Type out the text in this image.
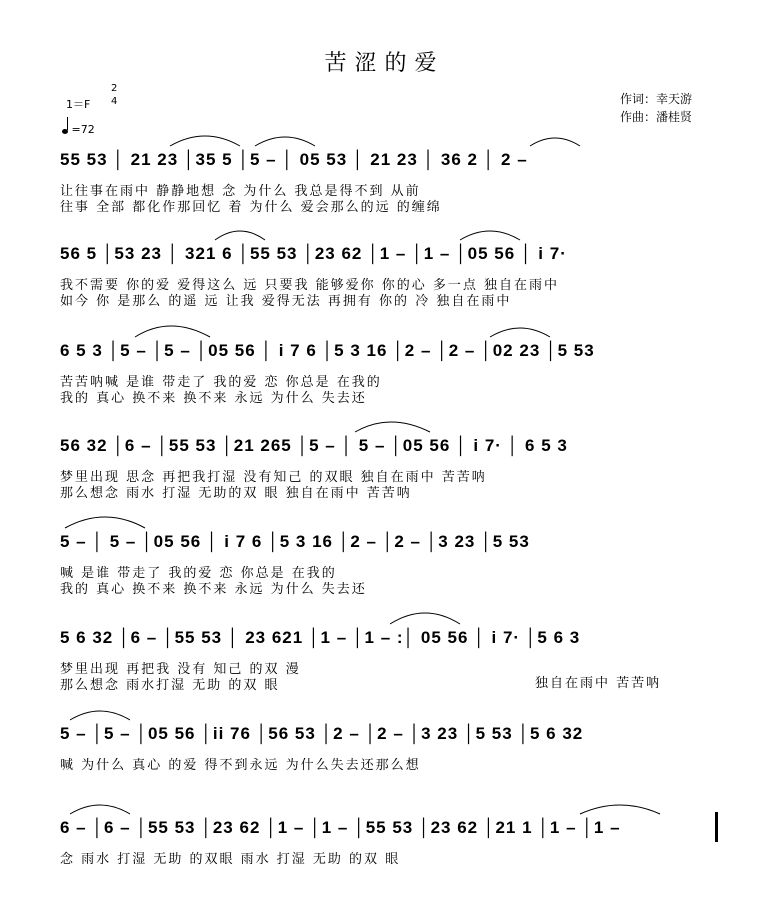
苦涩的爱
作词：幸天游
作曲：潘桂贤
1＝F
2
4
=72
55 53 │ 21 23 │35 5 │5 – │ 05 53 │ 21 23 │ 36 2 │ 2 –
让往事在雨中 静静地想 念 为什么 我总是得不到 从前
往事 全部 都化作那回忆 着 为什么 爱会那么的远 的缠绵
56 5 │53 23 │ 321 6 │55 53 │23 62 │1 – │1 – │05 56 │ i 7·
我不需要 你的爱 爱得这么 远 只要我 能够爱你 你的心 多一点 独自在雨中
如今 你 是那么 的遥 远 让我 爱得无法 再拥有 你的 冷 独自在雨中
6 5 3 │5 – │5 – │05 56 │ i 7 6 │5 3 16 │2 – │2 – │02 23 │5 53
苦苦呐喊 是谁 带走了 我的爱 恋 你总是 在我的
我的 真心 换不来 换不来 永远 为什么 失去还
56 32 │6 – │55 53 │21 265 │5 – │ 5 – │05 56 │ i 7· │ 6 5 3
梦里出现 思念 再把我打湿 没有知己 的双眼 独自在雨中 苦苦呐
那么想念 雨水 打湿 无助的双 眼 独自在雨中 苦苦呐
5 – │ 5 – │05 56 │ i 7 6 │5 3 16 │2 – │2 – │3 23 │5 53
喊 是谁 带走了 我的爱 恋 你总是 在我的
我的 真心 换不来 换不来 永远 为什么 失去还
5 6 32 │6 – │55 53 │ 23 621 │1 – │1 – :│ 05 56 │ i 7· │5 6 3
梦里出现 再把我 没有 知己 的双 漫
那么想念 雨水打湿 无助 的双 眼	独自在雨中 苦苦呐
5 – │5 – │05 56 │ii 76 │56 53 │2 – │2 – │3 23 │5 53 │5 6 32
喊 为什么 真心 的爱 得不到永远 为什么失去还那么想
6 – │6 – │55 53 │23 62 │1 – │1 – │55 53 │23 62 │21 1 │1 – │1 –
念 雨水 打湿 无助 的双眼 雨水 打湿 无助 的双 眼
